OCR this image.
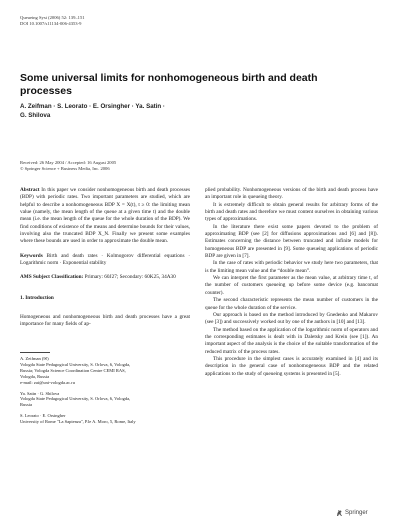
Queueing Syst (2006) 52: 139–151
DOI 10.1007/s11134-006-4353-9
Some universal limits for nonhomogeneous birth and death processes
A. Zeifman · S. Leorato · E. Orsingher · Ya. Satin ·
G. Shilova
Received: 26 May 2004 / Accepted: 16 August 2005
© Springer Science + Business Media, Inc. 2006

Abstract In this paper we consider nonhomogeneous birth and death processes (BDP) with periodic rates. Two important parameters are studied, which are helpful to describe a nonhomogeneous BDP X = X(t), t ≥ 0: the limiting mean value (namely, the mean length of the queue at a given time t) and the double mean (i.e. the mean length of the queue for the whole duration of the BDP). We find conditions of existence of the means and determine bounds for their values, involving also the truncated BDP X_N. Finally we present some examples where these bounds are used in order to approximate the double mean.

Keywords Birth and death rates · Kolmogorov differential equations · Logarithmic norm · Exponential stability

AMS Subject Classification: Primary: 60J27; Secondary: 60K25, 34A30

1. Introduction

Homogeneous and nonhomogeneous birth and death processes have a great importance for many fields of ap-

A. Zeifman (✉)
Vologda State Pedagogical University, S. Orlova, 6, Vologda,
Russia; Vologda Science Coordination Centre CEMI RAS,
Vologda, Russia
e-mail: zai@uni-vologda.ac.ru
Ya. Satin · G. Shilova
Vologda State Pedagogical University, S. Orlova, 6, Vologda,
Russia
S. Leorato · E. Orsingher
University of Rome "La Sapienza", P.le A. Moro, 5, Rome, Italy

plied probability. Nonhomogeneous versions of the birth and death process have an important role in queueing theory.

It is extremely difficult to obtain general results for arbitrary forms of the birth and death rates and therefore we must content ourselves in obtaining various types of approximations.

In the literature there exist some papers devoted to the problem of approximating BDP (see [2] for diffusions approximations and [6] and [8]). Estimates concerning the distance between truncated and infinite models for homogeneous BDP are presented in [9]. Some queueing applications of periodic BDP are given in [7].

In the case of rates with periodic behavior we study here two parameters, that is the limiting mean value and the “double mean”.

We can interpret the first parameter as the mean value, at arbitrary time t, of the number of customers queueing up before some device (e.g. bancomat counter).

The second characteristic represents the mean number of customers in the queue for the whole duration of the service.

Our approach is based on the method introduced by Gnedenko and Makarov (see [3]) and successively worked out by one of the authors in [10] and [13].

The method based on the application of the logarithmic norm of operators and the corresponding estimates is dealt with in Daletsky and Krein (see [1]). An important aspect of the analysis is the choice of the suitable transformation of the reduced matrix of the process rates.

This procedure in the simplest cases is accurately examined in [4] and its description in the general case of nonhomogeneous BDP and the related applications to the study of queueing systems is presented in [5].

Springer
